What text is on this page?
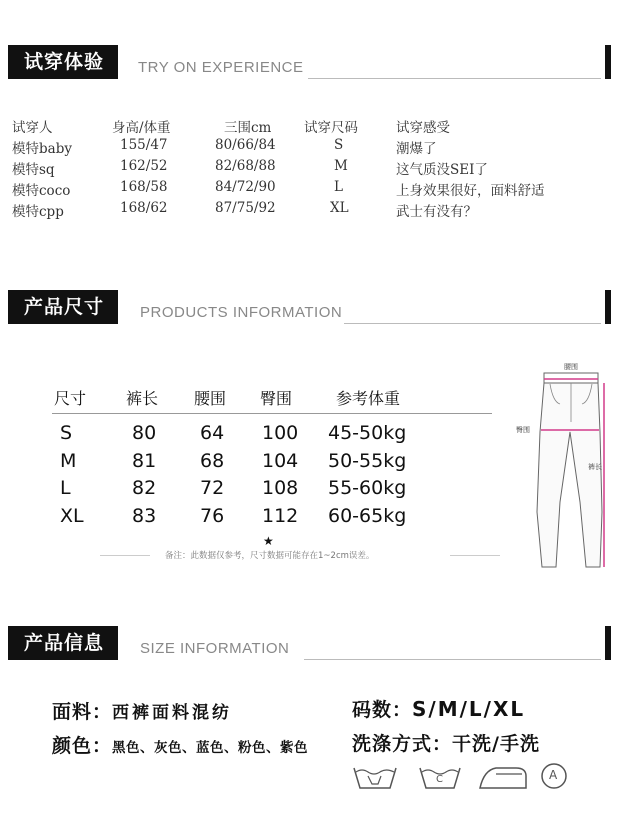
试穿体验	TRY ON EXPERIENCE
试穿人	身高/体重	三围cm 试穿尺码	试穿感受
模特baby	155/47	80/66/84	S	潮爆了
模特sq	162/52	82/68/88	M	这气质没SEI了
模特coco	168/58	84/72/90	L	上身效果很好，面料舒适
模特cpp	168/62	87/75/92	XL	武士有没有？
产品尺寸	PRODUCTS INFORMATION
尺寸 裤长 腰围 臀围	参考体重
S	80 64 100 45-50kg
M	81 68 104 50-55kg
L	82 72 108 55-60kg
XL	83 76 112 60-65kg
★
备注：此数据仅参考，尺寸数据可能存在1~2cm误差。
腰围
臀围
裤长
产品信息	SIZE INFORMATION
面料：西裤面料混纺
颜色：黑色、灰色、蓝色、粉色、紫色
码数：S/M/L/XL
洗涤方式：干洗/手洗
C	A
